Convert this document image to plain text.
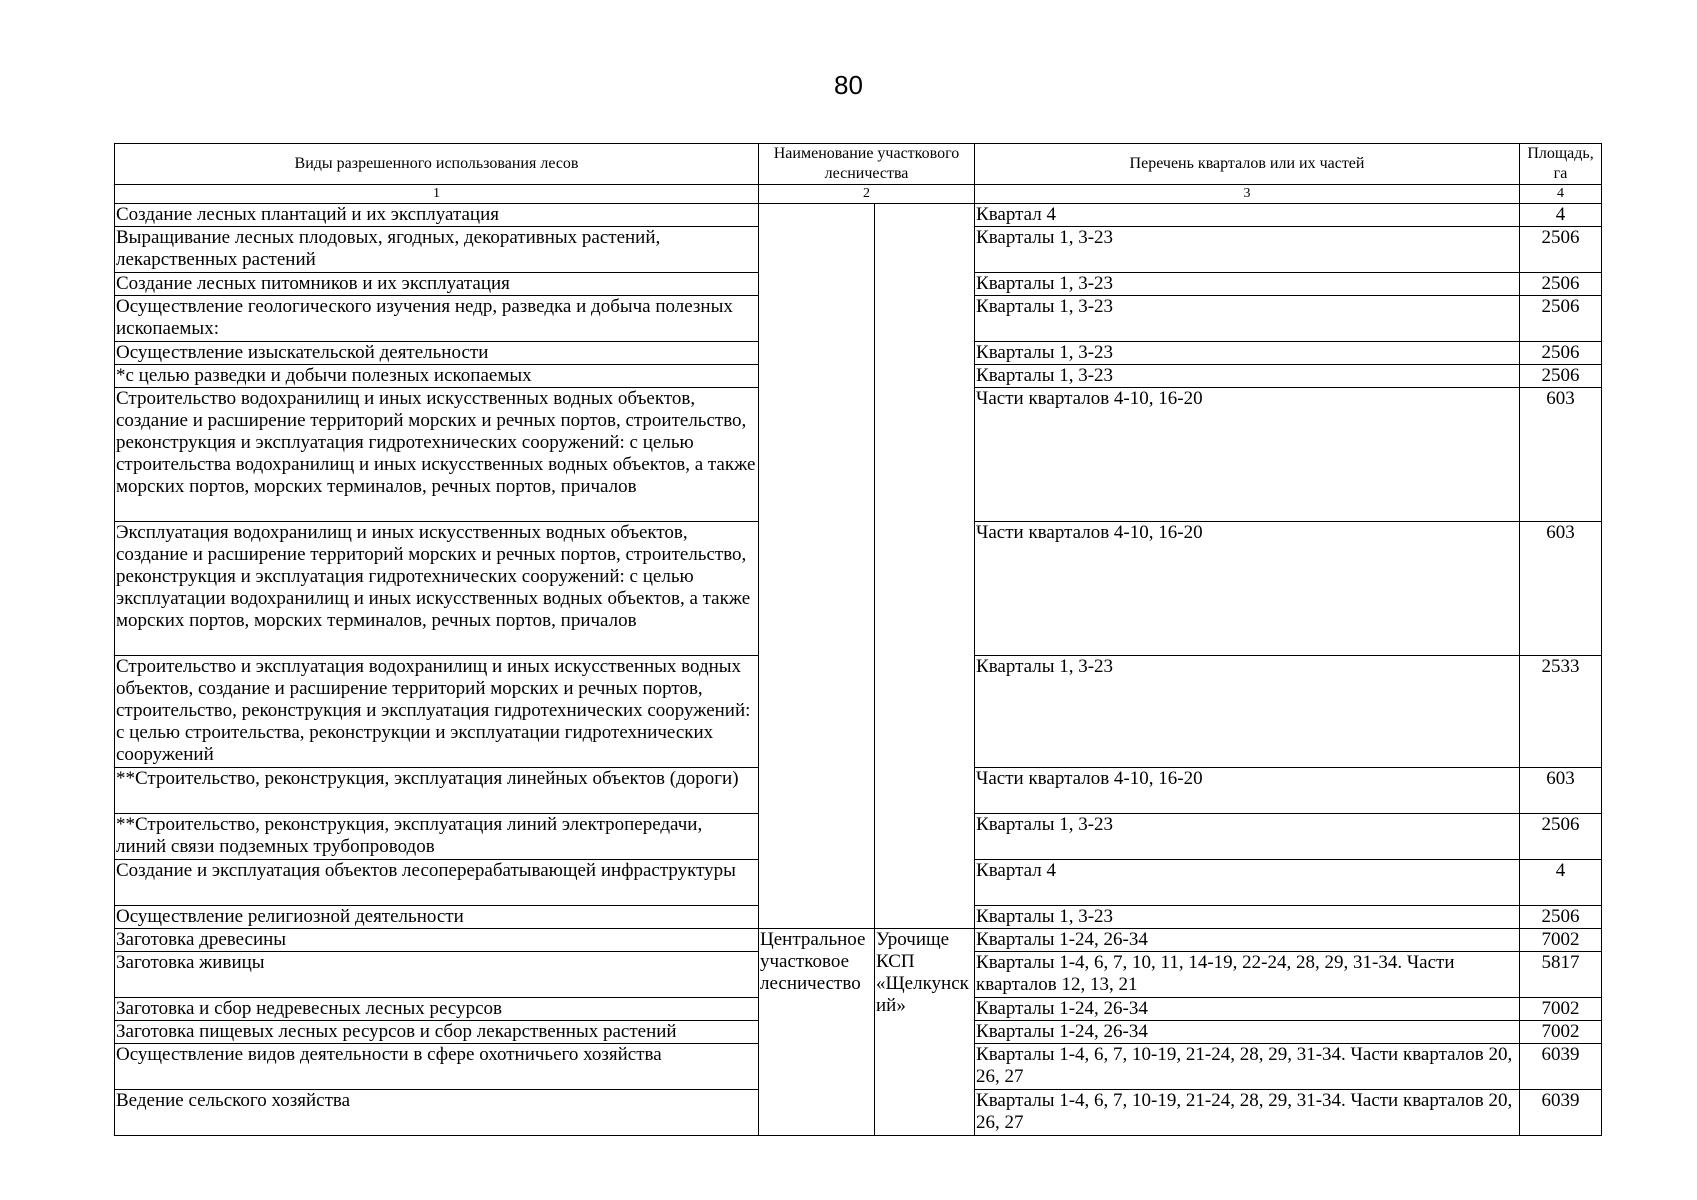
80
Виды разрешенного использования лесов	Наименование участкового лесничества		Перечень кварталов или их частей	Площадь, га
1	2		3	4
Создание лесных плантаций и их эксплуатация			Квартал 4	4
Выращивание лесных плодовых, ягодных, декоративных растений, лекарственных растений			Кварталы 1, 3-23	2506
Создание лесных питомников и их эксплуатация			Кварталы 1, 3-23	2506
Осуществление геологического изучения недр, разведка и добыча полезных ископаемых:			Кварталы 1, 3-23	2506
Осуществление изыскательской деятельности			Кварталы 1, 3-23	2506
*с целью разведки и добычи полезных ископаемых			Кварталы 1, 3-23	2506
Строительство водохранилищ и иных искусственных водных объектов, создание и расширение территорий морских и речных портов, строительство, реконструкция и эксплуатация гидротехнических сооружений: с целью строительства водохранилищ и иных искусственных водных объектов, а также морских портов, морских терминалов, речных портов, причалов			Части кварталов 4-10, 16-20	603
Эксплуатация водохранилищ и иных искусственных водных объектов, создание и расширение территорий морских и речных портов, строительство, реконструкция и эксплуатация гидротехнических сооружений: с целью эксплуатации водохранилищ и иных искусственных водных объектов, а также морских портов, морских терминалов, речных портов, причалов			Части кварталов 4-10, 16-20	603
Строительство и эксплуатация водохранилищ и иных искусственных водных объектов, создание и расширение территорий морских и речных портов, строительство, реконструкция и эксплуатация гидротехнических сооружений: с целью строительства, реконструкции и эксплуатации гидротехнических сооружений			Кварталы 1, 3-23	2533
**Строительство, реконструкция, эксплуатация линейных объектов (дороги)			Части кварталов 4-10, 16-20	603
**Строительство, реконструкция, эксплуатация линий электропередачи, линий связи подземных трубопроводов			Кварталы 1, 3-23	2506
Создание и эксплуатация объектов лесоперерабатывающей инфраструктуры			Квартал 4	4
Осуществление религиозной деятельности			Кварталы 1, 3-23	2506
Заготовка древесины	Центральное участковое лесничество	Урочище КСП «Щелкунск ий»	Кварталы 1-24, 26-34	7002
Заготовка живицы			Кварталы 1-4, 6, 7, 10, 11, 14-19, 22-24, 28, 29, 31-34. Части кварталов 12, 13, 21	5817
Заготовка и сбор недревесных лесных ресурсов			Кварталы 1-24, 26-34	7002
Заготовка пищевых лесных ресурсов и сбор лекарственных растений			Кварталы 1-24, 26-34	7002
Осуществление видов деятельности в сфере охотничьего хозяйства			Кварталы 1-4, 6, 7, 10-19, 21-24, 28, 29, 31-34. Части кварталов 20, 26, 27	6039
Ведение сельского хозяйства			Кварталы 1-4, 6, 7, 10-19, 21-24, 28, 29, 31-34. Части кварталов 20, 26, 27	6039
